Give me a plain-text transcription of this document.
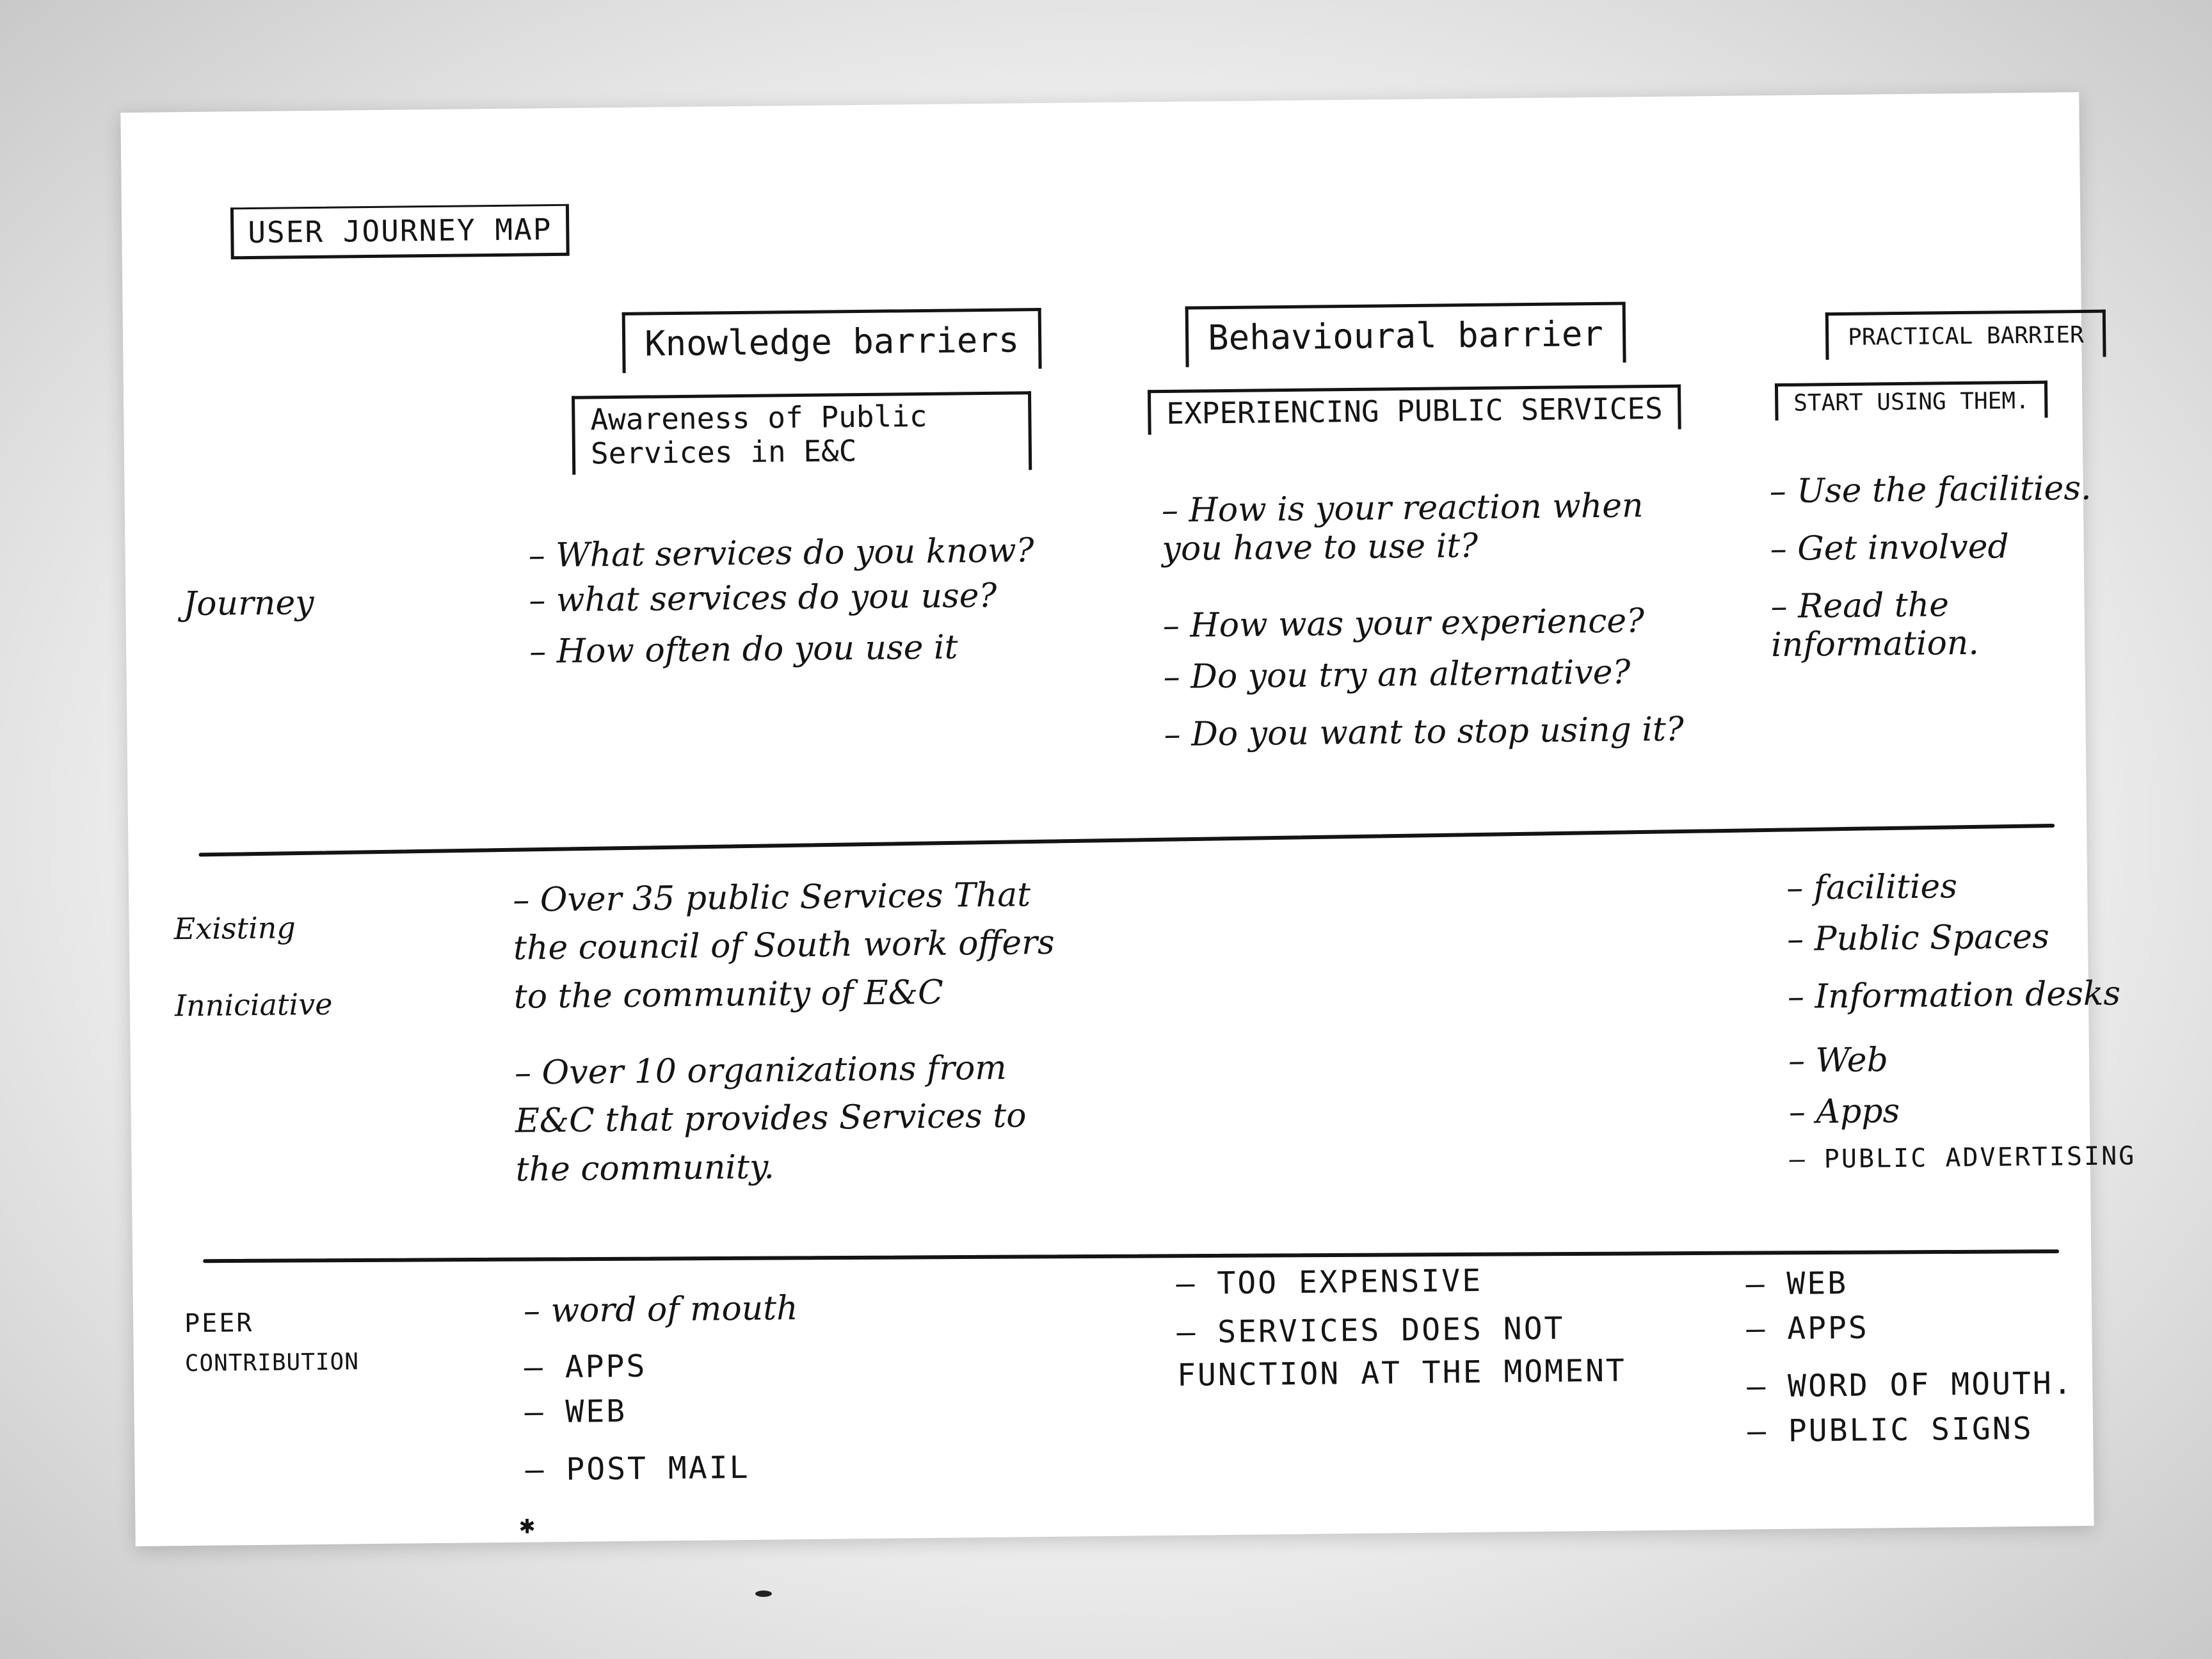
USER JOURNEY MAP
Knowledge barriers
Awareness of Public Services in E&C
Behavioural barrier
EXPERIENCING PUBLIC SERVICES
PRACTICAL BARRIER
START USING THEM.
Journey
– What services do you know?
– what services do you use?
– How often do you use it
– How is your reaction when you have to use it?
– How was your experience?
– Do you try an alternative?
– Do you want to stop using it?
– Use the facilities.
– Get involved
– Read the information.
Existing
Inniciative
– Over 35 public Services That the council of South work offers to the community of E&C
– Over 10 organizations from E&C that provides Services to the community.
– facilities
– Public Spaces
– Information desks
– Web
– Apps
– PUBLIC ADVERTISING
PEER
CONTRIBUTION
– word of mouth
– APPS
– WEB
– POST MAIL
✱
– TOO EXPENSIVE
– SERVICES DOES NOT FUNCTION AT THE MOMENT
– WEB
– APPS
– WORD OF MOUTH.
– PUBLIC SIGNS
